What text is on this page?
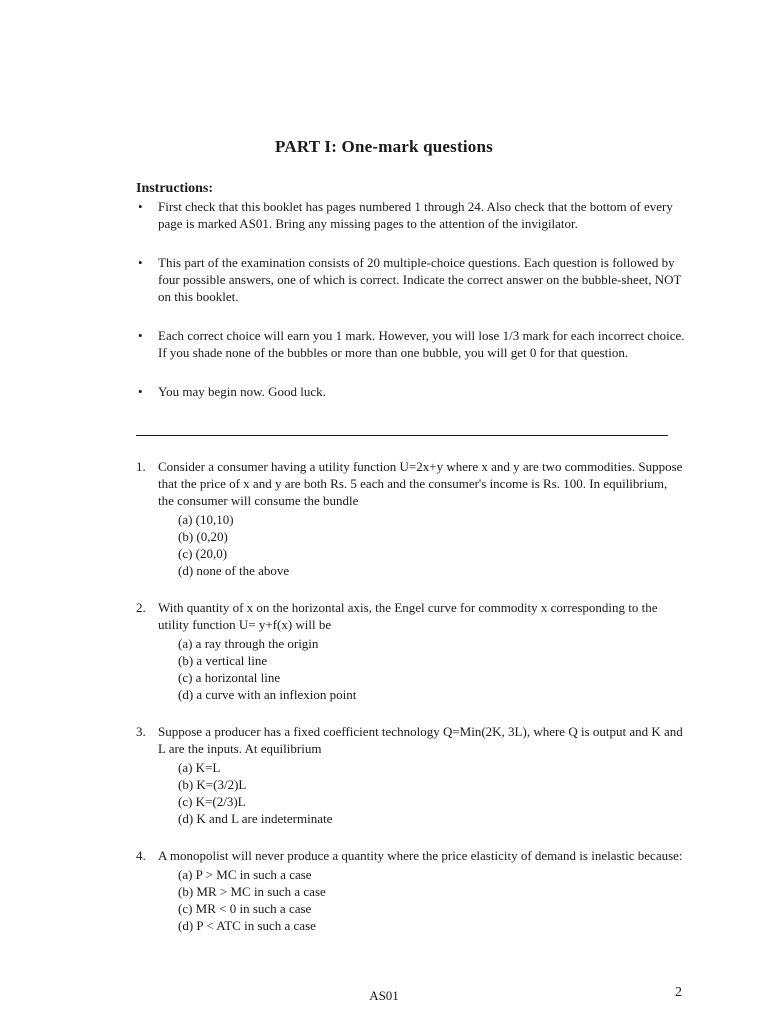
PART I: One-mark questions
Instructions:
• First check that this booklet has pages numbered 1 through 24. Also check that the bottom of every page is marked AS01. Bring any missing pages to the attention of the invigilator.
• This part of the examination consists of 20 multiple-choice questions. Each question is followed by four possible answers, one of which is correct. Indicate the correct answer on the bubble-sheet, NOT on this booklet.
• Each correct choice will earn you 1 mark. However, you will lose 1/3 mark for each incorrect choice. If you shade none of the bubbles or more than one bubble, you will get 0 for that question.
• You may begin now. Good luck.
1. Consider a consumer having a utility function U=2x+y where x and y are two commodities. Suppose that the price of x and y are both Rs. 5 each and the consumer's income is Rs. 100. In equilibrium, the consumer will consume the bundle
(a) (10,10)
(b) (0,20)
(c) (20,0)
(d) none of the above
2. With quantity of x on the horizontal axis, the Engel curve for commodity x corresponding to the utility function U= y+f(x) will be
(a) a ray through the origin
(b) a vertical line
(c) a horizontal line
(d) a curve with an inflexion point
3. Suppose a producer has a fixed coefficient technology Q=Min(2K, 3L), where Q is output and K and L are the inputs. At equilibrium
(a) K=L
(b) K=(3/2)L
(c) K=(2/3)L
(d) K and L are indeterminate
4. A monopolist will never produce a quantity where the price elasticity of demand is inelastic because:
(a) P > MC in such a case
(b) MR > MC in such a case
(c) MR < 0 in such a case
(d) P < ATC in such a case
AS01	2
